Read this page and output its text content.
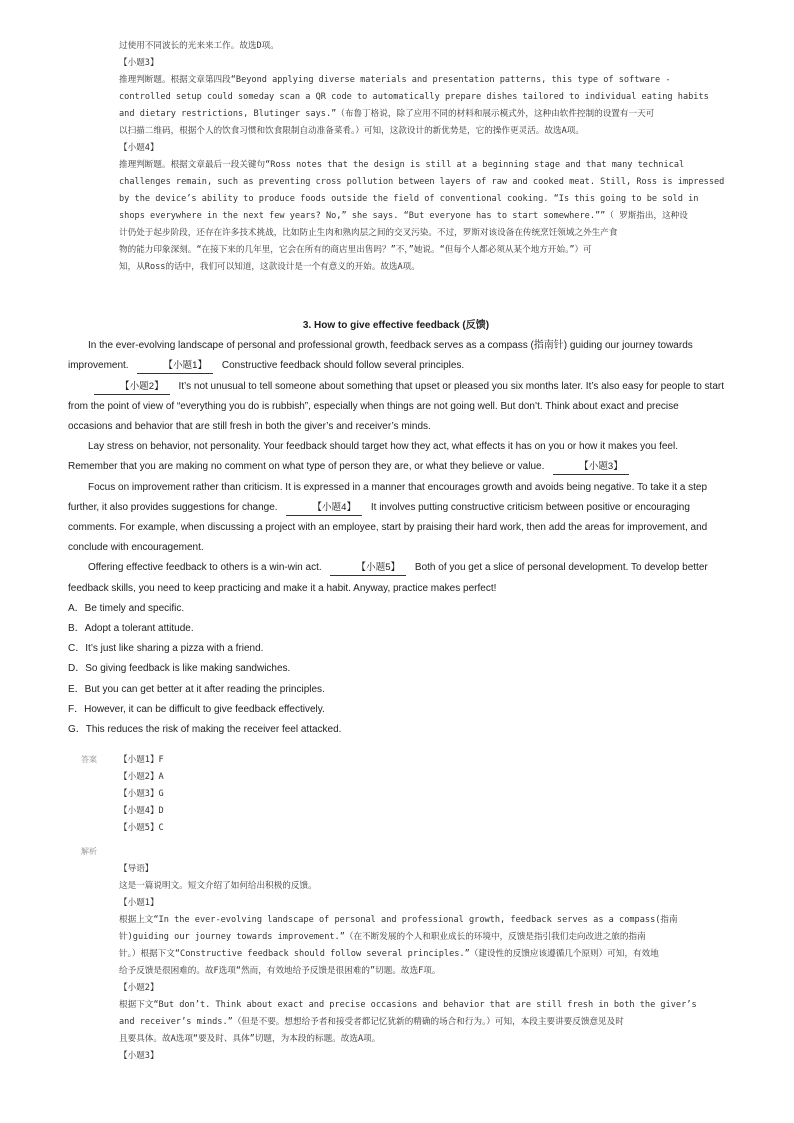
过使用不同波长的光来来工作。故选D项。

【小题3】

推理判断题。根据文章第四段“Beyond applying diverse materials and presentation patterns, this type of software -

controlled setup could someday scan a QR code to automatically prepare dishes tailored to individual eating habits

and dietary restrictions, Blutinger says.”（布鲁丁格说，除了应用不同的材料和展示模式外，这种由软件控制的设置有一天可

以扫描二维码，根据个人的饮食习惯和饮食限制自动准备菜肴。）可知，这款设计的新优势是，它的操作更灵活。故选A项。

【小题4】

推理判断题。根据文章最后一段关键句“Ross notes that the design is still at a beginning stage and that many technical

challenges remain, such as preventing cross pollution between layers of raw and cooked meat. Still, Ross is impressed

by the device’s ability to produce foods outside the field of conventional cooking. “Is this going to be sold in

shops everywhere in the next few years? No,” she says. “But everyone has to start somewhere.””（ 罗斯指出，这种设

计仍处于起步阶段，还存在许多技术挑战，比如防止生肉和熟肉层之间的交叉污染。不过，罗斯对该设备在传统烹饪领域之外生产食

物的能力印象深刻。“在接下来的几年里，它会在所有的商店里出售吗？”不，”她说。“但每个人都必须从某个地方开始。”）可

知，从Ross的话中，我们可以知道，这款设计是一个有意义的开始。故选A项。

3. How to give effective feedback (反馈)

In the ever-evolving landscape of personal and professional growth, feedback serves as a compass (指南针) guiding our journey towards improvement.	【小题1】 Constructive feedback should follow several principles.

【小题2】 It’s not unusual to tell someone about something that upset or pleased you six months later. It’s also easy for people to start from the point of view of “everything you do is rubbish”, especially when things are not going well. But don’t. Think about exact and precise occasions and behavior that are still fresh in both the giver’s and receiver’s minds.

Lay stress on behavior, not personality. Your feedback should target how they act, what effects it has on you or how it makes you feel. Remember that you are making no comment on what type of person they are, or what they believe or value.	【小题3】

Focus on improvement rather than criticism. It is expressed in a manner that encourages growth and avoids being negative. To take it a step further, it also provides suggestions for change.	【小题4】 It involves putting constructive criticism between positive or encouraging comments. For example, when discussing a project with an employee, start by praising their hard work, then add the areas for improvement, and conclude with encouragement.

Offering effective feedback to others is a win-win act.	【小题5】 Both of you get a slice of personal development. To develop better feedback skills, you need to keep practicing and make it a habit. Anyway, practice makes perfect!

A．Be timely and specific.

B．Adopt a tolerant attitude.

C．It’s just like sharing a pizza with a friend.

D．So giving feedback is like making sandwiches.

E．But you can get better at it after reading the principles.

F．However, it can be difficult to give feedback effectively.

G．This reduces the risk of making the receiver feel attacked.

答案	【小题1】F

【小题2】A

【小题3】G

【小题4】D

【小题5】C

解析

【导语】

这是一篇说明文。短文介绍了如何给出积极的反馈。

【小题1】

根据上文“In the ever-evolving landscape of personal and professional growth, feedback serves as a compass(指南

针)guiding our journey towards improvement.”（在不断发展的个人和职业成长的环境中，反馈是指引我们走向改进之旅的指南

针。）根据下文“Constructive feedback should follow several principles.”（建设性的反馈应该遵循几个原则）可知，有效地

给予反馈是很困难的。故F选项“然而，有效地给予反馈是很困难的”切题。故选F项。

【小题2】

根据下文“But don’t. Think about exact and precise occasions and behavior that are still fresh in both the giver’s

and receiver’s minds.”（但是不要。想想给予者和接受者都记忆犹新的精确的场合和行为。）可知，本段主要讲要反馈意见及时

且要具体。故A选项“要及时、具体”切题，为本段的标题。故选A项。

【小题3】
